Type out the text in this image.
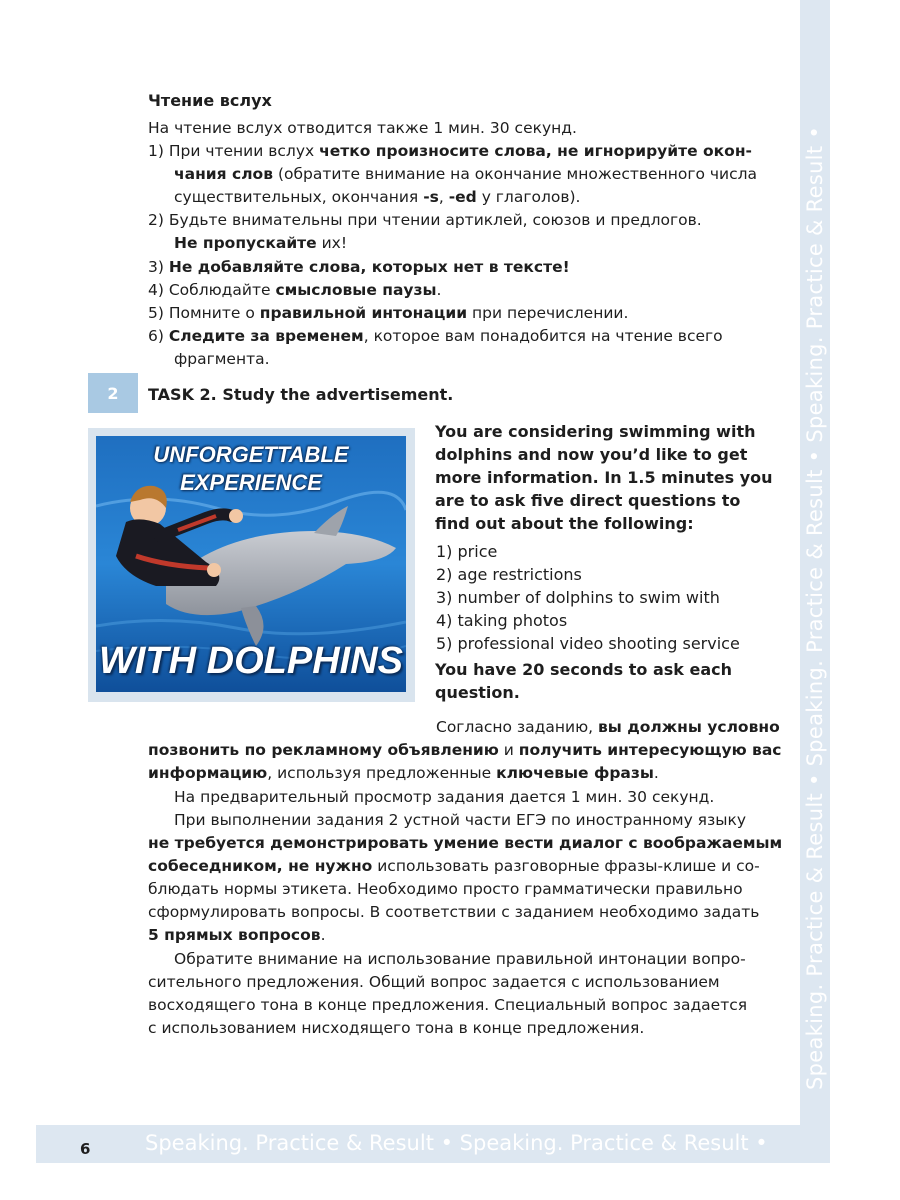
Speaking. Practice & Result • Speaking. Practice & Result • Speaking. Practice & Result •
Чтение вслух
На чтение вслух отводится также 1 мин. 30 секунд.
1) При чтении вслух четко произносите слова, не игнорируйте окон-
чания слов (обратите внимание на окончание множественного числа
существительных, окончания -s, -ed у глаголов).
2) Будьте внимательны при чтении артиклей, союзов и предлогов.
Не пропускайте их!
3) Не добавляйте слова, которых нет в тексте!
4) Соблюдайте смысловые паузы.
5) Помните о правильной интонации при перечислении.
6) Следите за временем, которое вам понадобится на чтение всего
фрагмента.
2	TASK 2. Study the advertisement.
UNFORGETTABLE
EXPERIENCE
WITH DOLPHINS
You are considering swimming with
dolphins and now you’d like to get
more information. In 1.5 minutes you
are to ask five direct questions to
find out about the following:
1) price
2) age restrictions
3) number of dolphins to swim with
4) taking photos
5) professional video shooting service
You have 20 seconds to ask each
question.
Согласно заданию, вы должны условно
позвонить по рекламному объявлению и получить интересующую вас
информацию, используя предложенные ключевые фразы.
На предварительный просмотр задания дается 1 мин. 30 секунд.
При выполнении задания 2 устной части ЕГЭ по иностранному языку
не требуется демонстрировать умение вести диалог с воображаемым
собеседником, не нужно использовать разговорные фразы-клише и со-
блюдать нормы этикета. Необходимо просто грамматически правильно
сформулировать вопросы. В соответствии с заданием необходимо задать
5 прямых вопросов.
Обратите внимание на использование правильной интонации вопро-
сительного предложения. Общий вопрос задается с использованием
восходящего тона в конце предложения. Специальный вопрос задается
с использованием нисходящего тона в конце предложения.
Speaking. Practice & Result • Speaking. Practice & Result •
6
